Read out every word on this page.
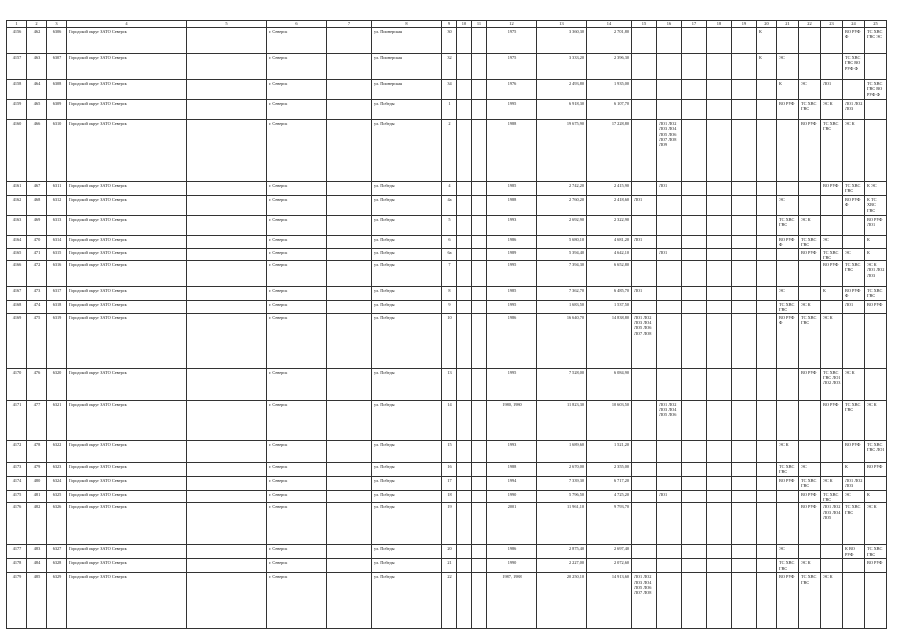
1	2	3	4	5	6	7	8	9	10	11	12	13	14	15	16	17	18	19	20	21	22	23	24	25
4156	462	6306	Городской округ ЗАТО Северск		г. Северск		ул. Пионерская	30			1975	3 360,30	2 701,80						К				ВО РУФ Ф	ТС ХВС ГВС ЭС
4157	463	6307	Городской округ ЗАТО Северск		г. Северск		ул. Пионерская	32			1975	3 333,20	2 396,30						К	ЭС			ТС ХВС ГВС ВО РУФ Ф	
4158	464	6308	Городской округ ЗАТО Северск		г. Северск		ул. Пионерская	34			1976	2 493,80	1 935,00							К	ЭС	ЛО1		ТС ХВС ГВС ВО РУФ Ф
4159	465	6309	Городской округ ЗАТО Северск		г. Северск		ул. Победы	1			1995	6 918,30	6 107,70							ВО РУФ	ТС ХВС ГВС	ЭС К	ЛО1 ЛО2 ЛО3	
4160	466	6310	Городской округ ЗАТО Северск		г. Северск		ул. Победы	2			1988	19 675,90	17 228,80		ЛО1 ЛО2 ЛО3 ЛО4 ЛО5 ЛО6 ЛО7 ЛО8 ЛО9						ВО РУФ	ТС ХВС ГВС	ЭС К	
4161	467	6311	Городской округ ЗАТО Северск		г. Северск		ул. Победы	4			1985	2 742,20	2 415,90		ЛО1							ВО РУФ	ТС ХВС ГВС	К ЭС
4162	468	6312	Городской округ ЗАТО Северск		г. Северск		ул. Победы	4а			1988	2 760,20	2 418,60	ЛО1						ЭС			ВО РУФ Ф	К ТС ХВС ГВС
4163	469	6313	Городской округ ЗАТО Северск		г. Северск		ул. Победы	5			1993	2 692,90	2 322,90							ТС ХВС ГВС	ЭС К			ВО РУФ ЛО1
4164	470	6314	Городской округ ЗАТО Северск		г. Северск		ул. Победы	6			1986	5 680,10	4 681,20	ЛО1						ВО РУФ Ф	ТС ХВС ГВС	ЭС		К
4165	471	6315	Городской округ ЗАТО Северск		г. Северск		ул. Победы	6а			1989	5 394,40	4 642,10		ЛО1						ВО РУФ	ТС ХВС ГВС	ЭС	К
4166	472	6316	Городской округ ЗАТО Северск		г. Северск		ул. Победы	7			1995	7 394,30	6 652,80									ВО РУФ	ТС ХВС ГВС	ЭС К ЛО1 ЛО2 ЛО3
4167	473	6317	Городской округ ЗАТО Северск		г. Северск		ул. Победы	8			1985	7 362,70	6 485,70	ЛО1						ЭС		К	ВО РУФ Ф	ТС ХВС ГВС
4168	474	6318	Городской округ ЗАТО Северск		г. Северск		ул. Победы	9			1995	1 683,50	1 537,50							ТС ХВС ГВС	ЭС К		ЛО1	ВО РУФ
4169	475	6319	Городской округ ЗАТО Северск		г. Северск		ул. Победы	10			1986	16 640,70	14 838,80	ЛО1 ЛО2 ЛО3 ЛО4 ЛО5 ЛО6 ЛО7 ЛО8						ВО РУФ Ф	ТС ХВС ГВС	ЭС К		
4170	476	6320	Городской округ ЗАТО Северск		г. Северск		ул. Победы	13			1995	7 528,00	6 084,90								ВО РУФ	ТС ХВС ГВС ЛО1 ЛО2 ЛО3	ЭС К	
4171	477	6321	Городской округ ЗАТО Северск		г. Северск		ул. Победы	14			1980, 1980	11 823,30	10 603,50		ЛО1 ЛО2 ЛО3 ЛО4 ЛО5 ЛО6							ВО РУФ	ТС ХВС ГВС	ЭС К
4172	478	6322	Городской округ ЗАТО Северск		г. Северск		ул. Победы	15			1993	1 689,60	1 521,20							ЭС К			ВО РУФ	ТС ХВС ГВС ЛО1
4173	479	6323	Городской округ ЗАТО Северск		г. Северск		ул. Победы	16			1988	2 670,00	2 355,00							ТС ХВС ГВС	ЭС		К	ВО РУФ
4174	480	6324	Городской округ ЗАТО Северск		г. Северск		ул. Победы	17			1994	7 339,30	6 717,20							ВО РУФ	ТС ХВС ГВС	ЭС К	ЛО1 ЛО2 ЛО3	
4175	481	6325	Городской округ ЗАТО Северск		г. Северск		ул. Победы	18			1990	5 796,50	4 725,20		ЛО1						ВО РУФ	ТС ХВС ГВС	ЭС	К
4176	482	6326	Городской округ ЗАТО Северск		г. Северск		ул. Победы	19			2001	11 961,10	9 793,70								ВО РУФ	ЛО1 ЛО2 ЛО3 ЛО4 ЛО5	ТС ХВС ГВС	ЭС К
4177	483	6327	Городской округ ЗАТО Северск		г. Северск		ул. Победы	20			1986	2 875,40	2 697,40							ЭС			К ВО РУФ	ТС ХВС ГВС
4178	484	6328	Городской округ ЗАТО Северск		г. Северск		ул. Победы	21			1990	2 227,00	2 072,60							ТС ХВС ГВС	ЭС К			ВО РУФ
4179	485	6329	Городской округ ЗАТО Северск		г. Северск		ул. Победы	22			1987, 1988	20 250,10	14 913,60	ЛО1 ЛО2 ЛО3 ЛО4 ЛО5 ЛО6 ЛО7 ЛО8						ВО РУФ	ТС ХВС ГВС	ЭС К		
